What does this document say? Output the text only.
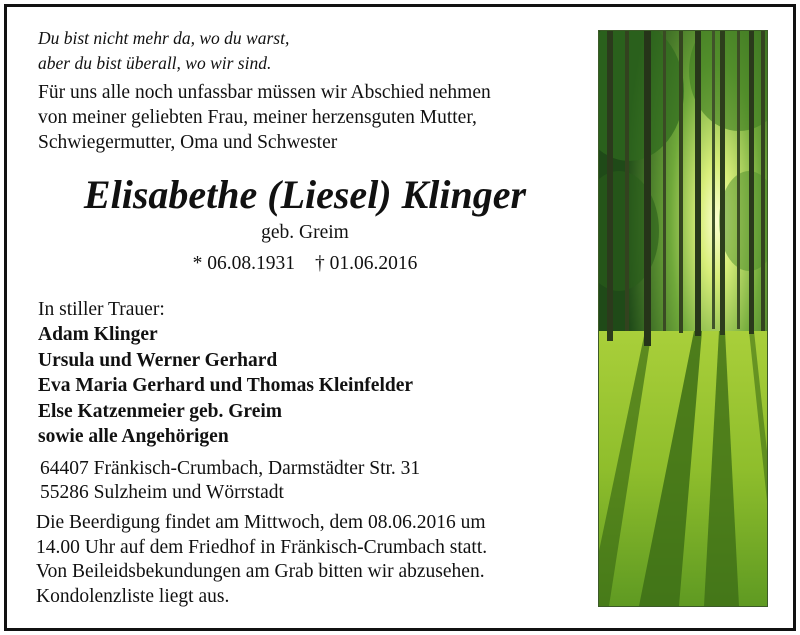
Du bist nicht mehr da, wo du warst,
aber du bist überall, wo wir sind.
Für uns alle noch unfassbar müssen wir Abschied nehmen
von meiner geliebten Frau, meiner herzensguten Mutter,
Schwiegermutter, Oma und Schwester
Elisabethe (Liesel) Klinger
geb. Greim
* 06.08.1931 † 01.06.2016
In stiller Trauer:
Adam Klinger
Ursula und Werner Gerhard
Eva Maria Gerhard und Thomas Kleinfelder
Else Katzenmeier geb. Greim
sowie alle Angehörigen
64407 Fränkisch-Crumbach, Darmstädter Str. 31
55286 Sulzheim und Wörrstadt
Die Beerdigung findet am Mittwoch, dem 08.06.2016 um
14.00 Uhr auf dem Friedhof in Fränkisch-Crumbach statt.
Von Beileidsbekundungen am Grab bitten wir abzusehen.
Kondolenzliste liegt aus.
